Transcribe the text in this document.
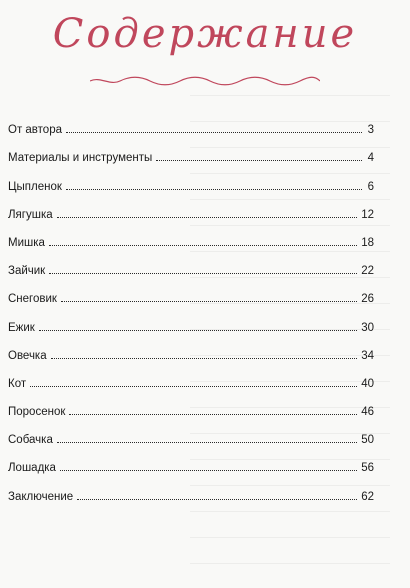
Содержание
От автора	3
Материалы и инструменты	4
Цыпленок	6
Лягушка	12
Мишка	18
Зайчик	22
Снеговик	26
Ежик	30
Овечка	34
Кот	40
Поросенок	46
Собачка	50
Лошадка	56
Заключение	62
